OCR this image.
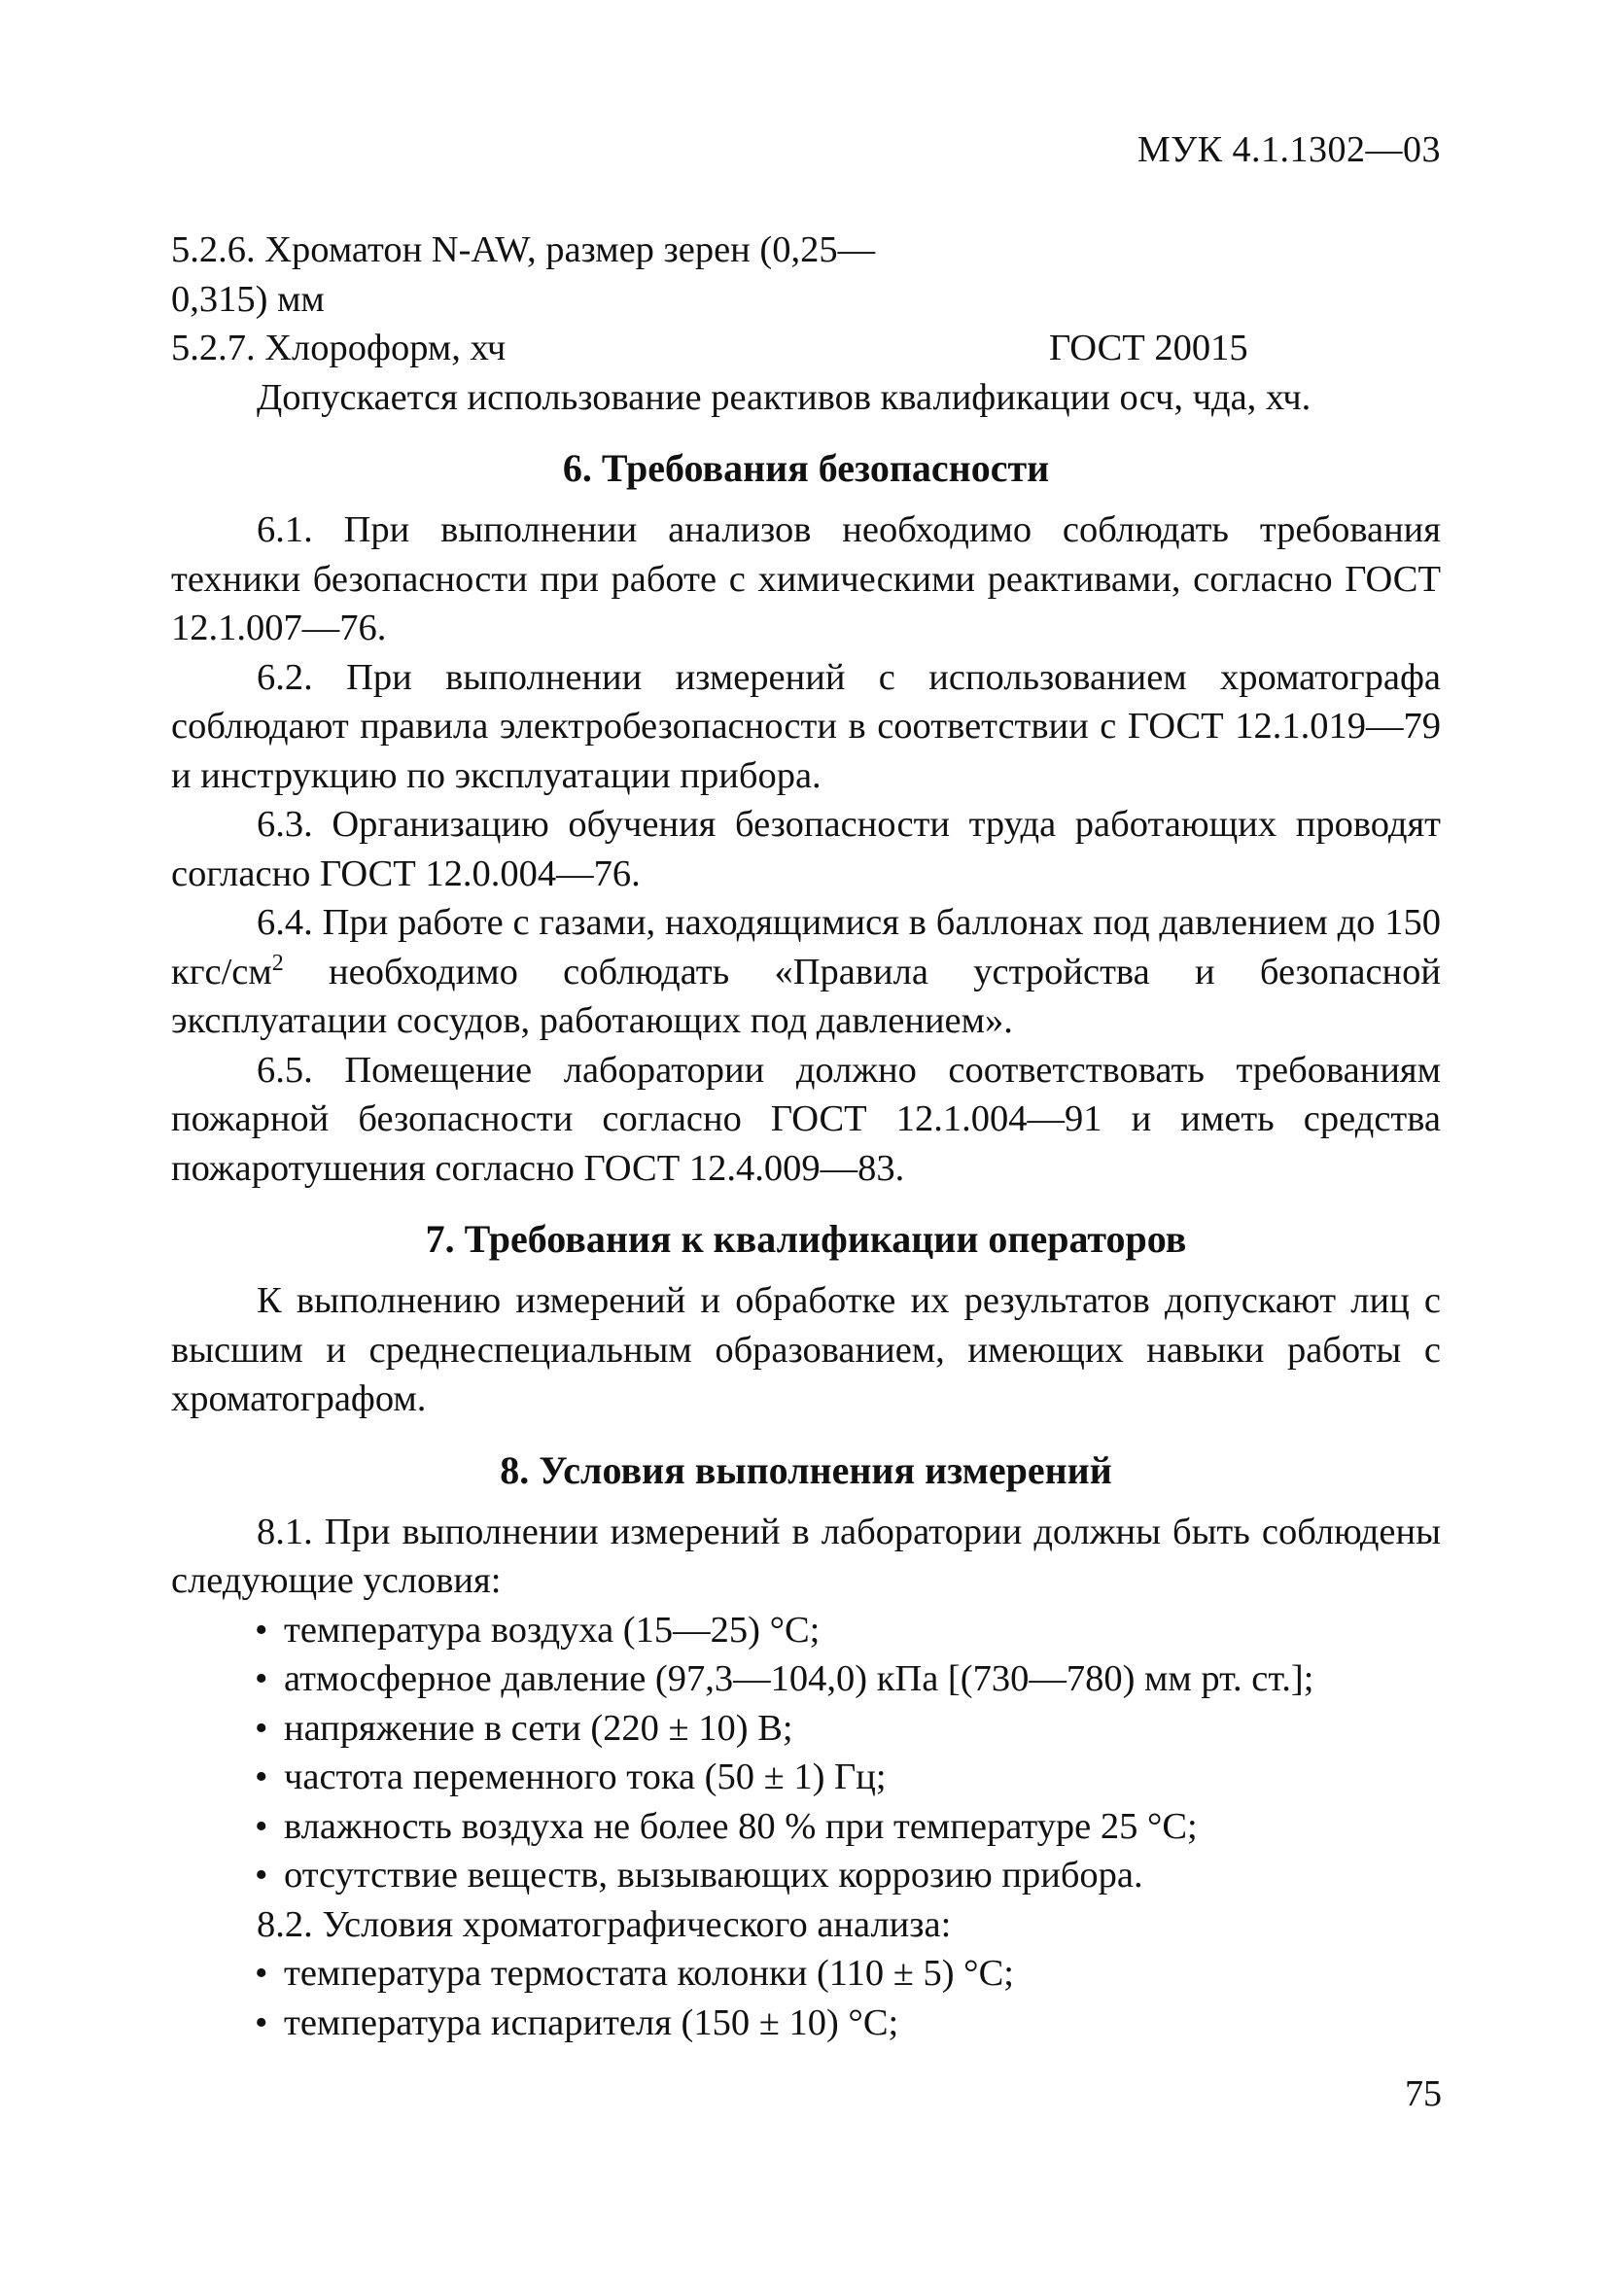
МУК 4.1.1302—03
5.2.6. Хроматон N-AW, размер зерен (0,25—
0,315) мм
5.2.7. Хлороформ, хч	ГОСТ 20015
Допускается использование реактивов квалификации осч, чда, хч.
6. Требования безопасности

6.1. При выполнении анализов необходимо соблюдать требования техники безопасности при работе с химическими реактивами, согласно ГОСТ 12.1.007—76.

6.2. При выполнении измерений с использованием хроматографа соблюдают правила электробезопасности в соответствии с ГОСТ 12.1.019—79 и инструкцию по эксплуатации прибора.

6.3. Организацию обучения безопасности труда работающих проводят согласно ГОСТ 12.0.004—76.

6.4. При работе с газами, находящимися в баллонах под давлением до 150 кгс/$см^2$ необходимо соблюдать «Правила устройства и безопасной эксплуатации сосудов, работающих под давлением».

6.5. Помещение лаборатории должно соответствовать требованиям пожарной безопасности согласно ГОСТ 12.1.004—91 и иметь средства пожаротушения согласно ГОСТ 12.4.009—83.

7. Требования к квалификации операторов

К выполнению измерений и обработке их результатов допускают лиц с высшим и среднеспециальным образованием, имеющих навыки работы с хроматографом.

8. Условия выполнения измерений

8.1. При выполнении измерений в лаборатории должны быть соблюдены следующие условия:

• температура воздуха (15—25) °С;
• атмосферное давление (97,3—104,0) кПа [(730—780) мм рт. ст.];
• напряжение в сети (220 ± 10) В;
• частота переменного тока (50 ± 1) Гц;
• влажность воздуха не более 80 % при температуре 25 °С;
• отсутствие веществ, вызывающих коррозию прибора.
8.2. Условия хроматографического анализа:
• температура термостата колонки (110 ± 5) °С;
• температура испарителя (150 ± 10) °С;
75
